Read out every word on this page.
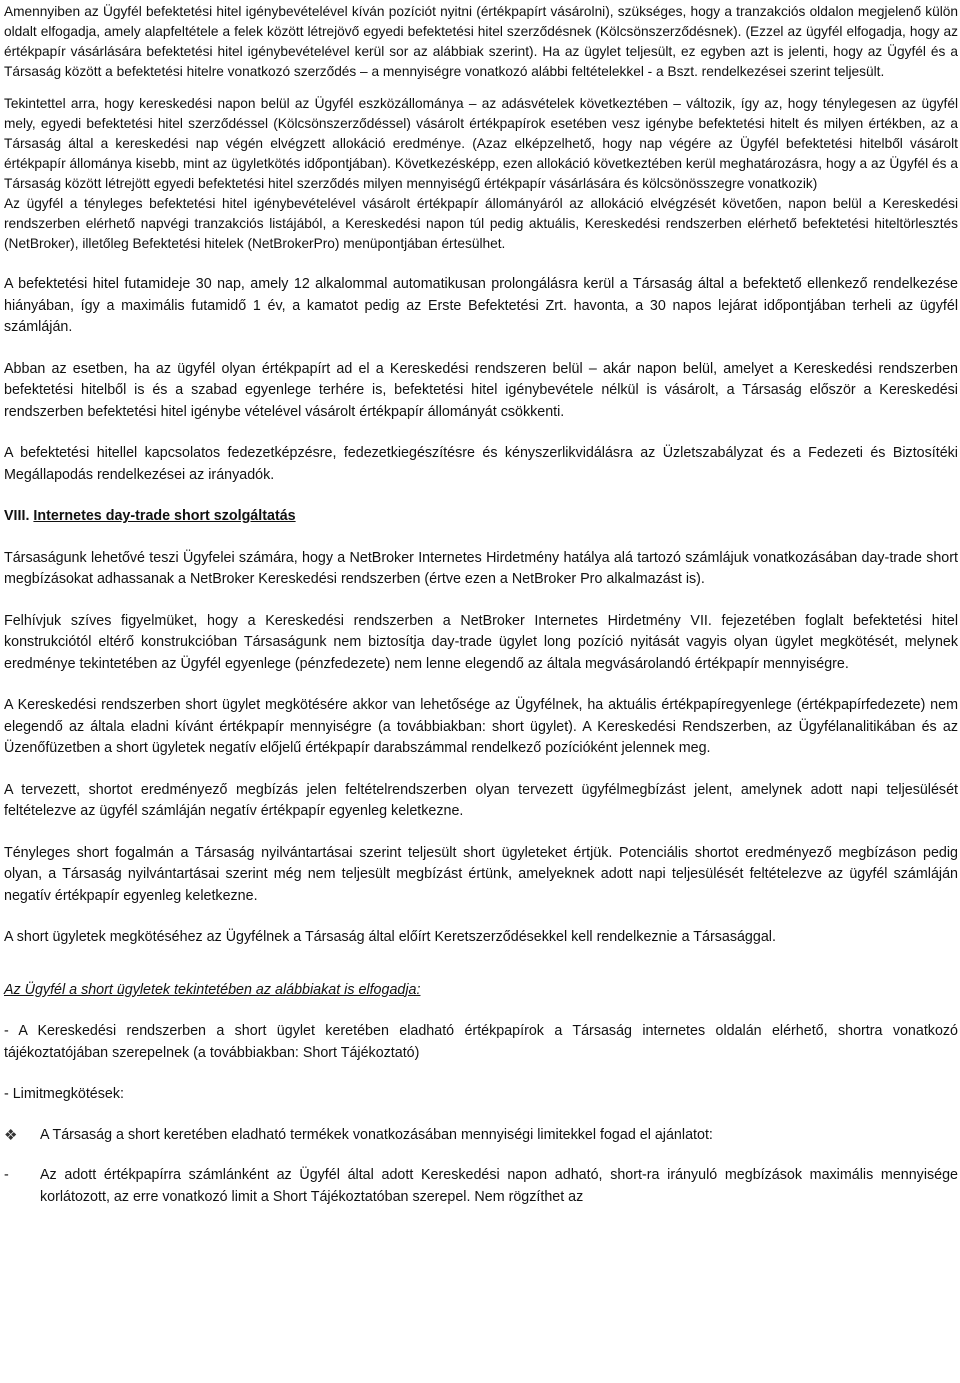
Amennyiben az Ügyfél befektetési hitel igénybevételével kíván pozíciót nyitni (értékpapírt vásárolni), szükséges, hogy a tranzakciós oldalon megjelenő külön oldalt elfogadja, amely alapfeltétele a felek között létrejövő egyedi befektetési hitel szerződésnek (Kölcsönszerződésnek). (Ezzel az ügyfél elfogadja, hogy az értékpapír vásárlására befektetési hitel igénybevételével kerül sor az alábbiak szerint). Ha az ügylet teljesült, ez egyben azt is jelenti, hogy az Ügyfél és a Társaság között a befektetési hitelre vonatkozó szerződés – a mennyiségre vonatkozó alábbi feltételekkel - a Bszt. rendelkezései szerint teljesült.

Tekintettel arra, hogy kereskedési napon belül az Ügyfél eszközállománya – az adásvételek következtében – változik, így az, hogy ténylegesen az ügyfél mely, egyedi befektetési hitel szerződéssel (Kölcsönszerződéssel) vásárolt értékpapírok esetében vesz igénybe befektetési hitelt és milyen értékben, az a Társaság által a kereskedési nap végén elvégzett allokáció eredménye. (Azaz elképzelhető, hogy nap végére az Ügyfél befektetési hitelből vásárolt értékpapír állománya kisebb, mint az ügyletkötés időpontjában). Következésképp, ezen allokáció következtében kerül meghatározásra, hogy a az Ügyfél és a Társaság között létrejött egyedi befektetési hitel szerződés milyen mennyiségű értékpapír vásárlására és kölcsönösszegre vonatkozik)

Az ügyfél a tényleges befektetési hitel igénybevételével vásárolt értékpapír állományáról az allokáció elvégzését követően, napon belül a Kereskedési rendszerben elérhető napvégi tranzakciós listájából, a Kereskedési napon túl pedig aktuális, Kereskedési rendszerben elérhető befektetési hiteltörlesztés (NetBroker), illetőleg Befektetési hitelek (NetBrokerPro) menüpontjában értesülhet.

A befektetési hitel futamideje 30 nap, amely 12 alkalommal automatikusan prolongálásra kerül a Társaság által a befektető ellenkező rendelkezése hiányában, így a maximális futamidő 1 év, a kamatot pedig az Erste Befektetési Zrt. havonta, a 30 napos lejárat időpontjában terheli az ügyfél számláján.

Abban az esetben, ha az ügyfél olyan értékpapírt ad el a Kereskedési rendszeren belül – akár napon belül, amelyet a Kereskedési rendszerben befektetési hitelből is és a szabad egyenlege terhére is, befektetési hitel igénybevétele nélkül is vásárolt, a Társaság először a Kereskedési rendszerben befektetési hitel igénybe vételével vásárolt értékpapír állományát csökkenti.

A befektetési hitellel kapcsolatos fedezetképzésre, fedezetkiegészítésre és kényszerlikvidálásra az Üzletszabályzat és a Fedezeti és Biztosítéki Megállapodás rendelkezései az irányadók.

VIII. Internetes day-trade short szolgáltatás

Társaságunk lehetővé teszi Ügyfelei számára, hogy a NetBroker Internetes Hirdetmény hatálya alá tartozó számlájuk vonatkozásában day-trade short megbízásokat adhassanak a NetBroker Kereskedési rendszerben (értve ezen a NetBroker Pro alkalmazást is).

Felhívjuk szíves figyelmüket, hogy a Kereskedési rendszerben a NetBroker Internetes Hirdetmény VII. fejezetében foglalt befektetési hitel konstrukciótól eltérő konstrukcióban Társaságunk nem biztosítja day-trade ügylet long pozíció nyitását vagyis olyan ügylet megkötését, melynek eredménye tekintetében az Ügyfél egyenlege (pénzfedezete) nem lenne elegendő az általa megvásárolandó értékpapír mennyiségre.

A Kereskedési rendszerben short ügylet megkötésére akkor van lehetősége az Ügyfélnek, ha aktuális értékpapíregyenlege (értékpapírfedezete) nem elegendő az általa eladni kívánt értékpapír mennyiségre (a továbbiakban: short ügylet). A Kereskedési Rendszerben, az Ügyfélanalitikában és az Üzenőfüzetben a short ügyletek negatív előjelű értékpapír darabszámmal rendelkező pozícióként jelennek meg.

A tervezett, shortot eredményező megbízás jelen feltételrendszerben olyan tervezett ügyfélmegbízást jelent, amelynek adott napi teljesülését feltételezve az ügyfél számláján negatív értékpapír egyenleg keletkezne.

Tényleges short fogalmán a Társaság nyilvántartásai szerint teljesült short ügyleteket értjük. Potenciális shortot eredményező megbízáson pedig olyan, a Társaság nyilvántartásai szerint még nem teljesült megbízást értünk, amelyeknek adott napi teljesülését feltételezve az ügyfél számláján negatív értékpapír egyenleg keletkezne.

A short ügyletek megkötéséhez az Ügyfélnek a Társaság által előírt Keretszerződésekkel kell rendelkeznie a Társasággal.

Az Ügyfél a short ügyletek tekintetében az alábbiakat is elfogadja:

- A Kereskedési rendszerben a short ügylet keretében eladható értékpapírok a Társaság internetes oldalán elérhető, shortra vonatkozó tájékoztatójában szerepelnek (a továbbiakban: Short Tájékoztató)

- Limitmegkötések:

❖	A Társaság a short keretében eladható termékek vonatkozásában mennyiségi limitekkel fogad el ajánlatot:
-	Az adott értékpapírra számlánként az Ügyfél által adott Kereskedési napon adható, short-ra irányuló megbízások maximális mennyisége korlátozott, az erre vonatkozó limit a Short Tájékoztatóban szerepel. Nem rögzíthet az
